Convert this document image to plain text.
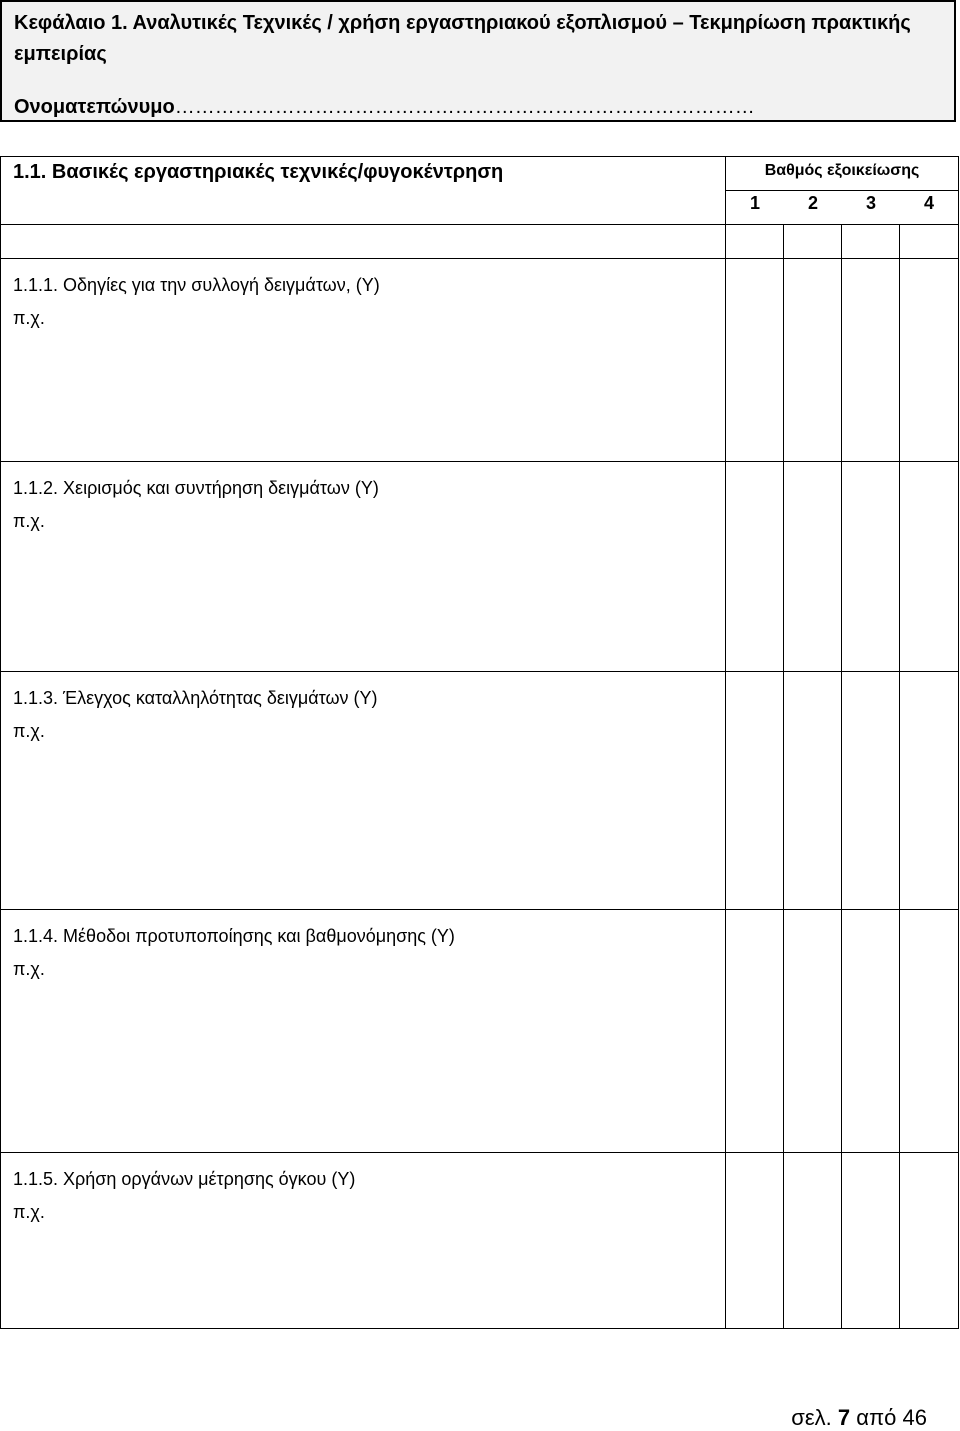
Κεφάλαιο 1. Αναλυτικές Τεχνικές / χρήση εργαστηριακού εξοπλισμού – Τεκμηρίωση πρακτικής εμπειρίας
Ονοματεπώνυμο……………………………………………………………………………
1.1. Βασικές εργαστηριακές τεχνικές/φυγοκέντρηση	Βαθμός εξοικείωσης			

	1 2 3 4			

1.1.1. Οδηγίες για την συλλογή δειγμάτων, (Υ)
π.χ.				

1.1.2. Χειρισμός και συντήρηση δειγμάτων (Υ)
π.χ.				

1.1.3. Έλεγχος καταλληλότητας δειγμάτων (Υ)
π.χ.				

1.1.4. Μέθοδοι προτυποποίησης και βαθμονόμησης (Υ)
π.χ.				

1.1.5. Χρήση οργάνων μέτρησης όγκου (Υ)
π.χ.				

σελ. 7 από 46
